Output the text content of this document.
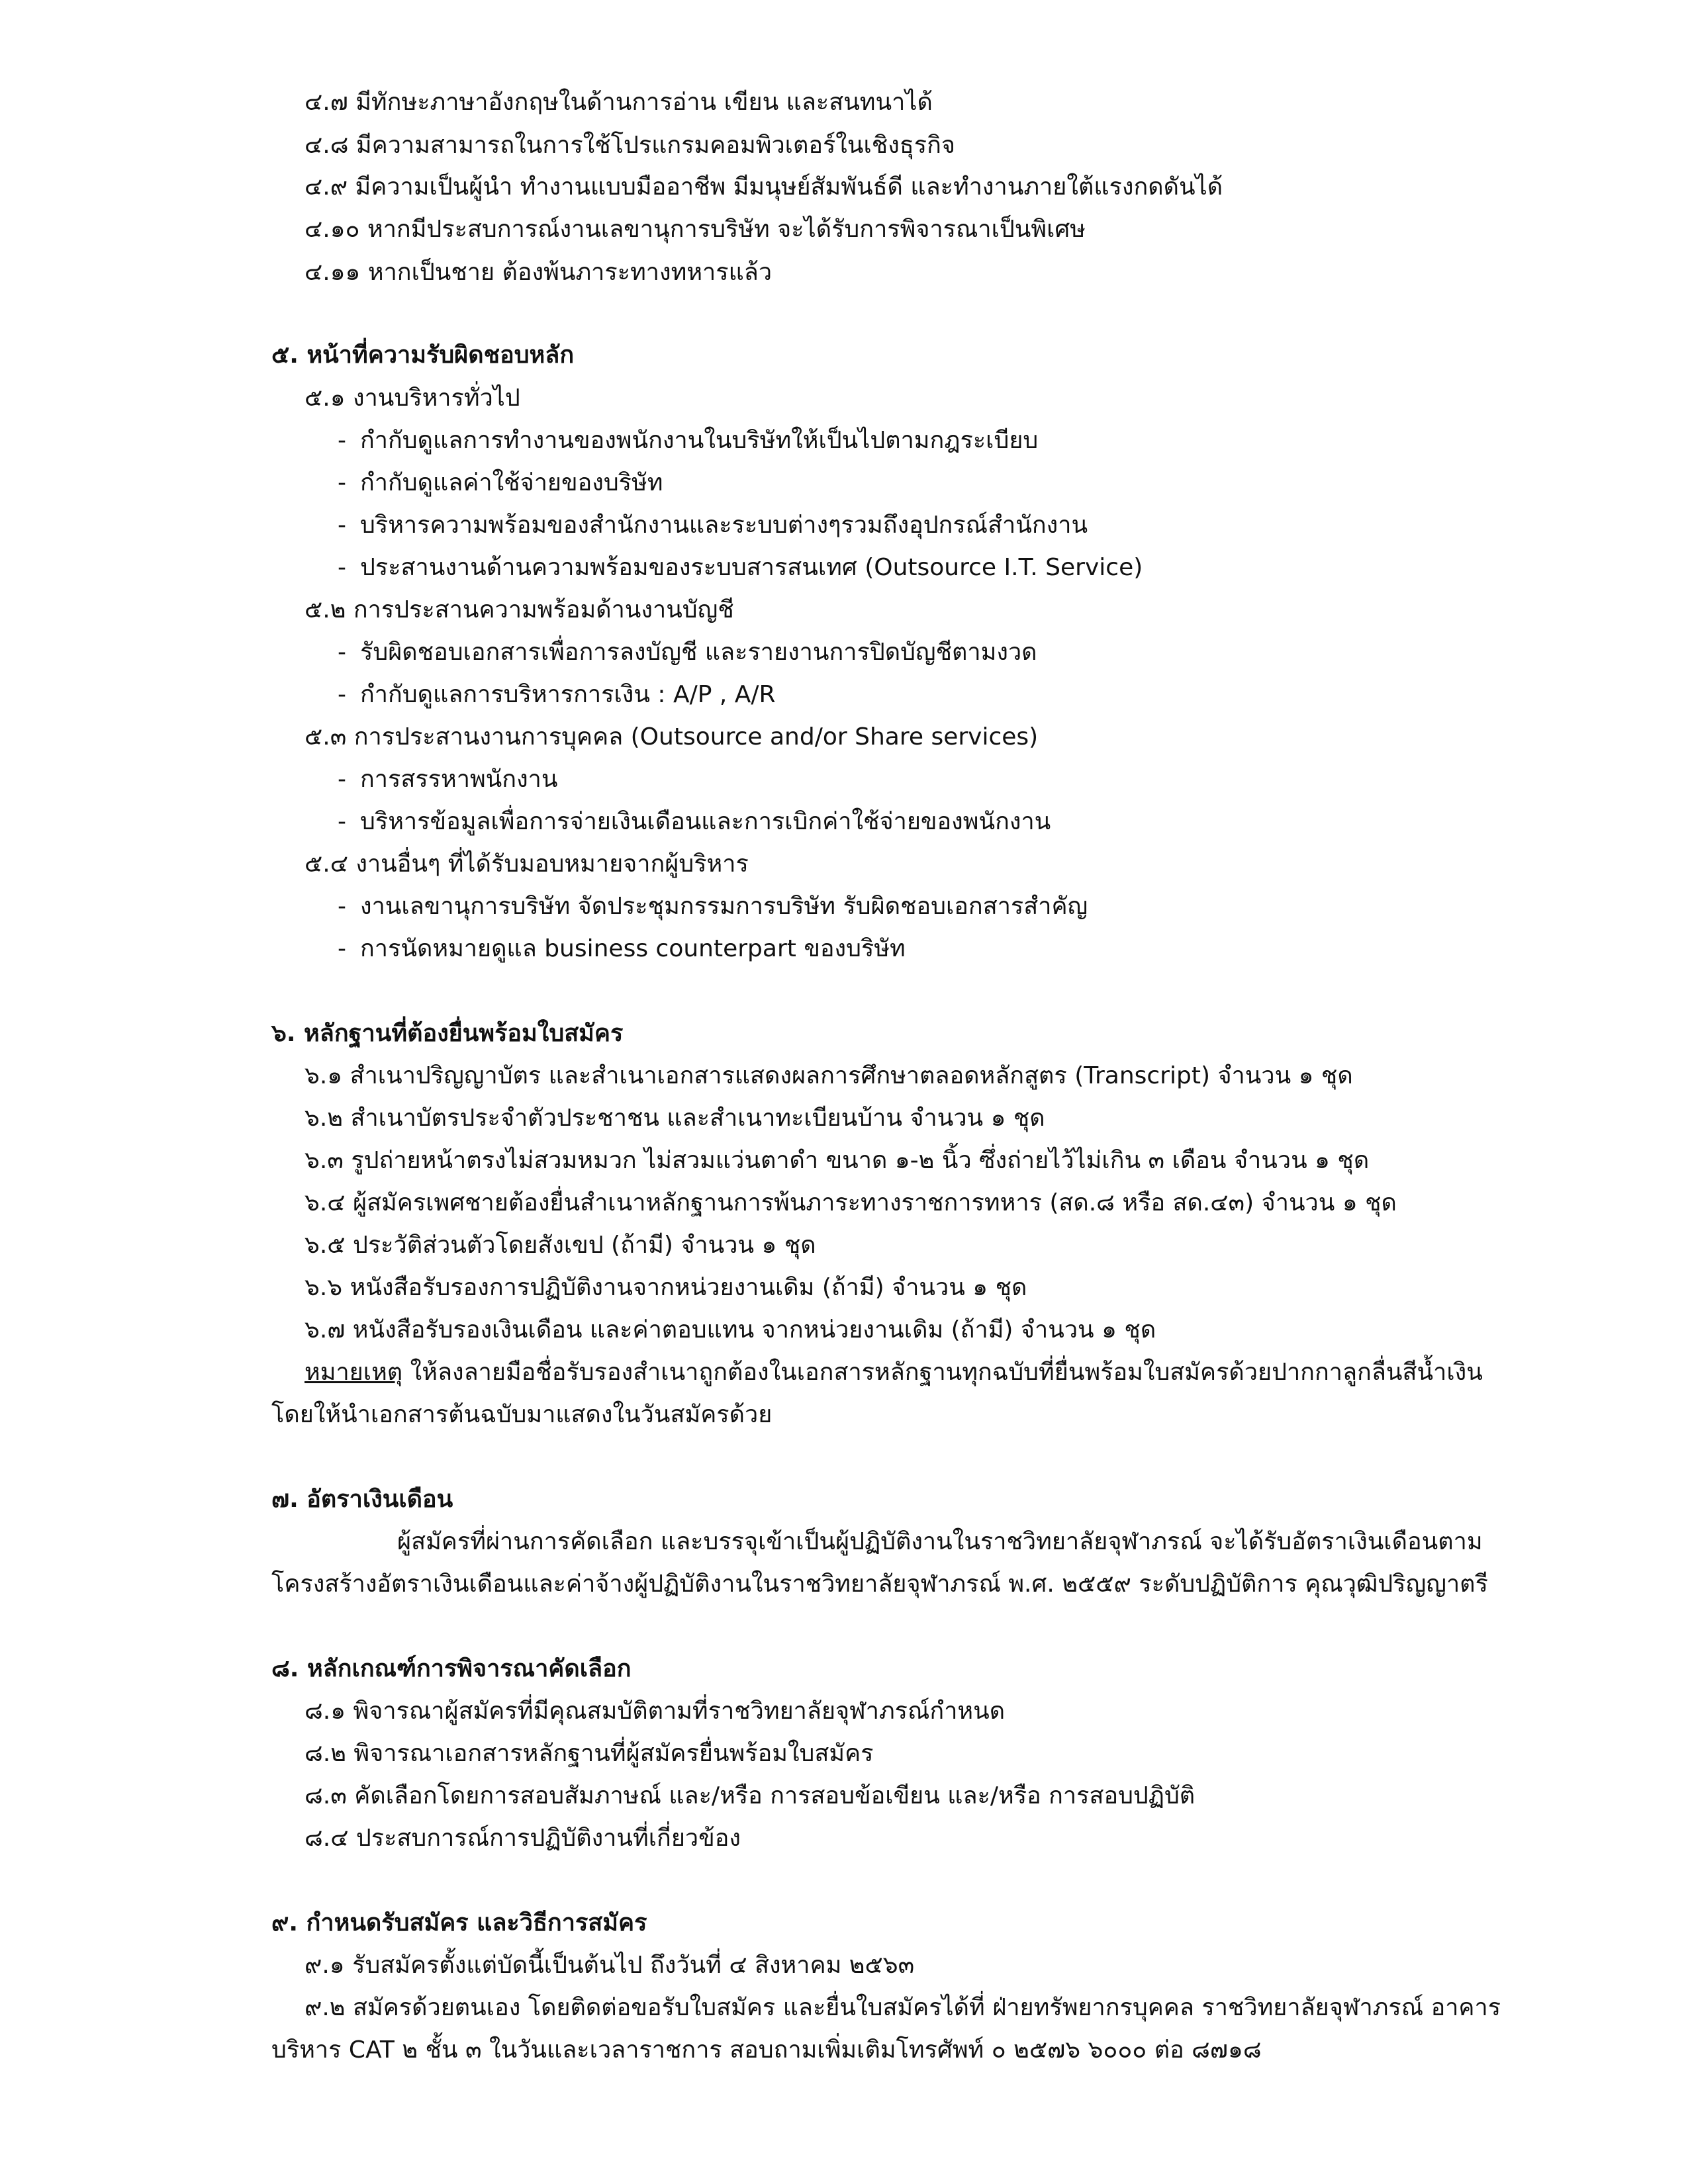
๔.๗ มีทักษะภาษาอังกฤษในด้านการอ่าน เขียน และสนทนาได้
๔.๘ มีความสามารถในการใช้โปรแกรมคอมพิวเตอร์ในเชิงธุรกิจ
๔.๙ มีความเป็นผู้นำ ทำงานแบบมืออาชีพ มีมนุษย์สัมพันธ์ดี และทำงานภายใต้แรงกดดันได้
๔.๑๐ หากมีประสบการณ์งานเลขานุการบริษัท จะได้รับการพิจารณาเป็นพิเศษ
๔.๑๑ หากเป็นชาย ต้องพ้นภาระทางทหารแล้ว
๕. หน้าที่ความรับผิดชอบหลัก
๕.๑ งานบริหารทั่วไป
- กำกับดูแลการทำงานของพนักงานในบริษัทให้เป็นไปตามกฎระเบียบ
- กำกับดูแลค่าใช้จ่ายของบริษัท
- บริหารความพร้อมของสำนักงานและระบบต่างๆรวมถึงอุปกรณ์สำนักงาน
- ประสานงานด้านความพร้อมของระบบสารสนเทศ (Outsource I.T. Service)
๕.๒ การประสานความพร้อมด้านงานบัญชี
- รับผิดชอบเอกสารเพื่อการลงบัญชี และรายงานการปิดบัญชีตามงวด
- กำกับดูแลการบริหารการเงิน : A/P , A/R
๕.๓ การประสานงานการบุคคล (Outsource and/or Share services)
- การสรรหาพนักงาน
- บริหารข้อมูลเพื่อการจ่ายเงินเดือนและการเบิกค่าใช้จ่ายของพนักงาน
๕.๔ งานอื่นๆ ที่ได้รับมอบหมายจากผู้บริหาร
- งานเลขานุการบริษัท จัดประชุมกรรมการบริษัท รับผิดชอบเอกสารสำคัญ
- การนัดหมายดูแล business counterpart ของบริษัท
๖. หลักฐานที่ต้องยื่นพร้อมใบสมัคร
๖.๑ สำเนาปริญญาบัตร และสำเนาเอกสารแสดงผลการศึกษาตลอดหลักสูตร (Transcript) จำนวน ๑ ชุด
๖.๒ สำเนาบัตรประจำตัวประชาชน และสำเนาทะเบียนบ้าน จำนวน ๑ ชุด
๖.๓ รูปถ่ายหน้าตรงไม่สวมหมวก ไม่สวมแว่นตาดำ ขนาด ๑-๒ นิ้ว ซึ่งถ่ายไว้ไม่เกิน ๓ เดือน จำนวน ๑ ชุด
๖.๔ ผู้สมัครเพศชายต้องยื่นสำเนาหลักฐานการพ้นภาระทางราชการทหาร (สด.๘ หรือ สด.๔๓) จำนวน ๑ ชุด
๖.๕ ประวัติส่วนตัวโดยสังเขป (ถ้ามี) จำนวน ๑ ชุด
๖.๖ หนังสือรับรองการปฏิบัติงานจากหน่วยงานเดิม (ถ้ามี) จำนวน ๑ ชุด
๖.๗ หนังสือรับรองเงินเดือน และค่าตอบแทน จากหน่วยงานเดิม (ถ้ามี) จำนวน ๑ ชุด
หมายเหตุ ให้ลงลายมือชื่อรับรองสำเนาถูกต้องในเอกสารหลักฐานทุกฉบับที่ยื่นพร้อมใบสมัครด้วยปากกาลูกลื่นสีน้ำเงิน
โดยให้นำเอกสารต้นฉบับมาแสดงในวันสมัครด้วย
๗. อัตราเงินเดือน
ผู้สมัครที่ผ่านการคัดเลือก และบรรจุเข้าเป็นผู้ปฏิบัติงานในราชวิทยาลัยจุฬาภรณ์ จะได้รับอัตราเงินเดือนตาม
โครงสร้างอัตราเงินเดือนและค่าจ้างผู้ปฏิบัติงานในราชวิทยาลัยจุฬาภรณ์ พ.ศ. ๒๕๕๙ ระดับปฏิบัติการ คุณวุฒิปริญญาตรี
๘. หลักเกณฑ์การพิจารณาคัดเลือก
๘.๑ พิจารณาผู้สมัครที่มีคุณสมบัติตามที่ราชวิทยาลัยจุฬาภรณ์กำหนด
๘.๒ พิจารณาเอกสารหลักฐานที่ผู้สมัครยื่นพร้อมใบสมัคร
๘.๓ คัดเลือกโดยการสอบสัมภาษณ์ และ/หรือ การสอบข้อเขียน และ/หรือ การสอบปฏิบัติ
๘.๔ ประสบการณ์การปฏิบัติงานที่เกี่ยวข้อง
๙. กำหนดรับสมัคร และวิธีการสมัคร
๙.๑ รับสมัครตั้งแต่บัดนี้เป็นต้นไป ถึงวันที่ ๔ สิงหาคม ๒๕๖๓
๙.๒ สมัครด้วยตนเอง โดยติดต่อขอรับใบสมัคร และยื่นใบสมัครได้ที่ ฝ่ายทรัพยากรบุคคล ราชวิทยาลัยจุฬาภรณ์ อาคาร
บริหาร CAT ๒ ชั้น ๓ ในวันและเวลาราชการ สอบถามเพิ่มเติมโทรศัพท์ ๐ ๒๕๗๖ ๖๐๐๐ ต่อ ๘๗๑๘
